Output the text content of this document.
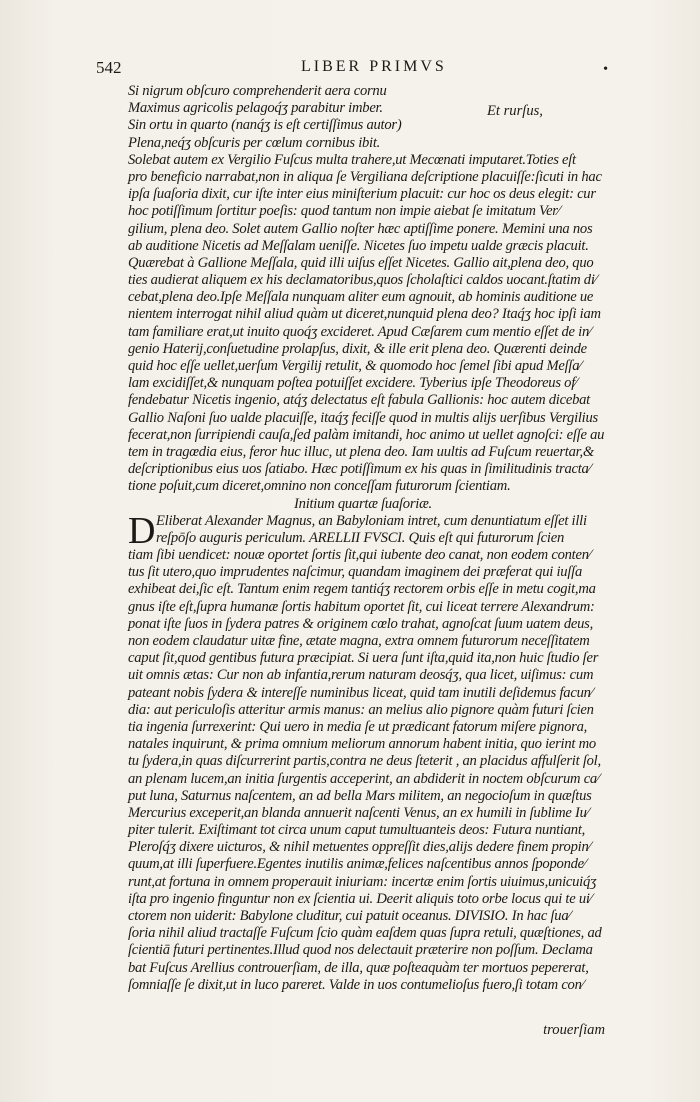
542	LIBER PRIMVS	•
Et rurſus,
Si nigrum obſcuro comprehenderit aera cornu
Maximus agricolis pelagoq́ʒ parabitur imber.
Sin ortu in quarto (nanq́ʒ is eſt certiſſimus autor)
Plena,neq́ʒ obſcuris per cœlum cornibus ibit.
Solebat autem ex Vergilio Fuſcus multa trahere,ut Mecœnati imputaret.Toties eſt
pro beneficio narrabat,non in aliqua ſe Vergiliana deſcriptione placuiſſe:ſicuti in hac
ipſa ſuaſoria dixit, cur iſte inter eius miniſterium placuit: cur hoc os deus elegit: cur
hoc potiſſimum ſortitur poeſis: quod tantum non impie aiebat ſe imitatum Ver⁄
gilium, plena deo. Solet autem Gallio noſter hæc aptiſſime ponere. Memini una nos
ab auditione Nicetis ad Meſſalam ueniſſe. Nicetes ſuo impetu ualde græcis placuit.
Quærebat à Gallione Meſſala, quid illi uiſus eſſet Nicetes. Gallio ait,plena deo, quo
ties audierat aliquem ex his declamatoribus,quos ſcholaſtici caldos uocant.ſtatim di⁄
cebat,plena deo.Ipſe Meſſala nunquam aliter eum agnouit, ab hominis auditione ue
nientem interrogat nihil aliud quàm ut diceret,nunquid plena deo? Itaq́ʒ hoc ipſi iam
tam familiare erat,ut inuito quoq́ʒ excideret. Apud Cæſarem cum mentio eſſet de in⁄
genio Haterij,conſuetudine prolapſus, dixit, & ille erit plena deo. Quærenti deinde
quid hoc eſſe uellet,uerſum Vergilij retulit, & quomodo hoc ſemel ſibi apud Meſſa⁄
lam excidiſſet,& nunquam poſtea potuiſſet excidere. Tyberius ipſe Theodoreus of⁄
fendebatur Nicetis ingenio, atq́ʒ delectatus eſt fabula Gallionis: hoc autem dicebat
Gallio Naſoni ſuo ualde placuiſſe, itaq́ʒ feciſſe quod in multis alijs uerſibus Vergilius
fecerat,non ſurripiendi cauſa,ſed palàm imitandi, hoc animo ut uellet agnoſci: eſſe au
tem in tragœdia eius, feror huc illuc, ut plena deo. Iam uultis ad Fuſcum reuertar,&
deſcriptionibus eius uos ſatiabo. Hæc potiſſimum ex his quas in ſimilitudinis tracta⁄
tione poſuit,cum diceret,omnino non conceſſam futurorum ſcientiam.
Initium quartæ ſuaſoriæ.
D Eliberat Alexander Magnus, an Babyloniam intret, cum denuntiatum eſſet illi
reſpōſo auguris periculum. ARELLII FVSCI. Quis eſt qui futurorum ſcien
tiam ſibi uendicet: nouæ oportet ſortis ſit,qui iubente deo canat, non eodem conten⁄
tus ſit utero,quo imprudentes naſcimur, quandam imaginem dei præferat qui iuſſa
exhibeat dei,ſic eſt. Tantum enim regem tantiq́ʒ rectorem orbis eſſe in metu cogit,ma
gnus iſte eſt,ſupra humanæ ſortis habitum oportet ſit, cui liceat terrere Alexandrum:
ponat iſte ſuos in ſydera patres & originem cœlo trahat, agnoſcat ſuum uatem deus,
non eodem claudatur uitæ fine, ætate magna, extra omnem futurorum neceſſitatem
caput ſit,quod gentibus futura præcipiat. Si uera ſunt iſta,quid ita,non huic ſtudio ſer
uit omnis ætas: Cur non ab infantia,rerum naturam deosq́ʒ, qua licet, uiſimus: cum
pateant nobis ſydera & intereſſe numinibus liceat, quid tam inutili deſidemus facun⁄
dia: aut periculoſis atteritur armis manus: an melius alio pignore quàm futuri ſcien
tia ingenia ſurrexerint: Qui uero in media ſe ut prædicant fatorum miſere pignora,
natales inquirunt, & prima omnium meliorum annorum habent initia, quo ierint mo
tu ſydera,in quas diſcurrerint partis,contra ne deus ſteterit , an placidus affulſerit ſol,
an plenam lucem,an initia ſurgentis acceperint, an abdiderit in noctem obſcurum ca⁄
put luna, Saturnus naſcentem, an ad bella Mars militem, an negocioſum in quæſtus
Mercurius exceperit,an blanda annuerit naſcenti Venus, an ex humili in ſublime Iu⁄
piter tulerit. Exiſtimant tot circa unum caput tumultuanteis deos: Futura nuntiant,
Pleroſq́ʒ dixere uicturos, & nihil metuentes oppreſſit dies,alijs dedere finem propin⁄
quum,at illi ſuperfuere.Egentes inutilis animæ,felices naſcentibus annos ſpoponde⁄
runt,at fortuna in omnem properauit iniuriam: incertæ enim ſortis uiuimus,unicuiq́ʒ
iſta pro ingenio finguntur non ex ſcientia ui. Deerit aliquis toto orbe locus qui te ui⁄
ctorem non uiderit: Babylone cluditur, cui patuit oceanus. DIVISIO. In hac ſua⁄
ſoria nihil aliud tractaſſe Fuſcum ſcio quàm eaſdem quas ſupra retuli, quæſtiones, ad
ſcientiā futuri pertinentes.Illud quod nos delectauit præterire non poſſum. Declama
bat Fuſcus Arellius controuerſiam, de illa, quæ poſteaquàm ter mortuos pepererat,
ſomniaſſe ſe dixit,ut in luco pareret. Valde in uos contumelioſus fuero,ſi totam con⁄
trouerſiam
